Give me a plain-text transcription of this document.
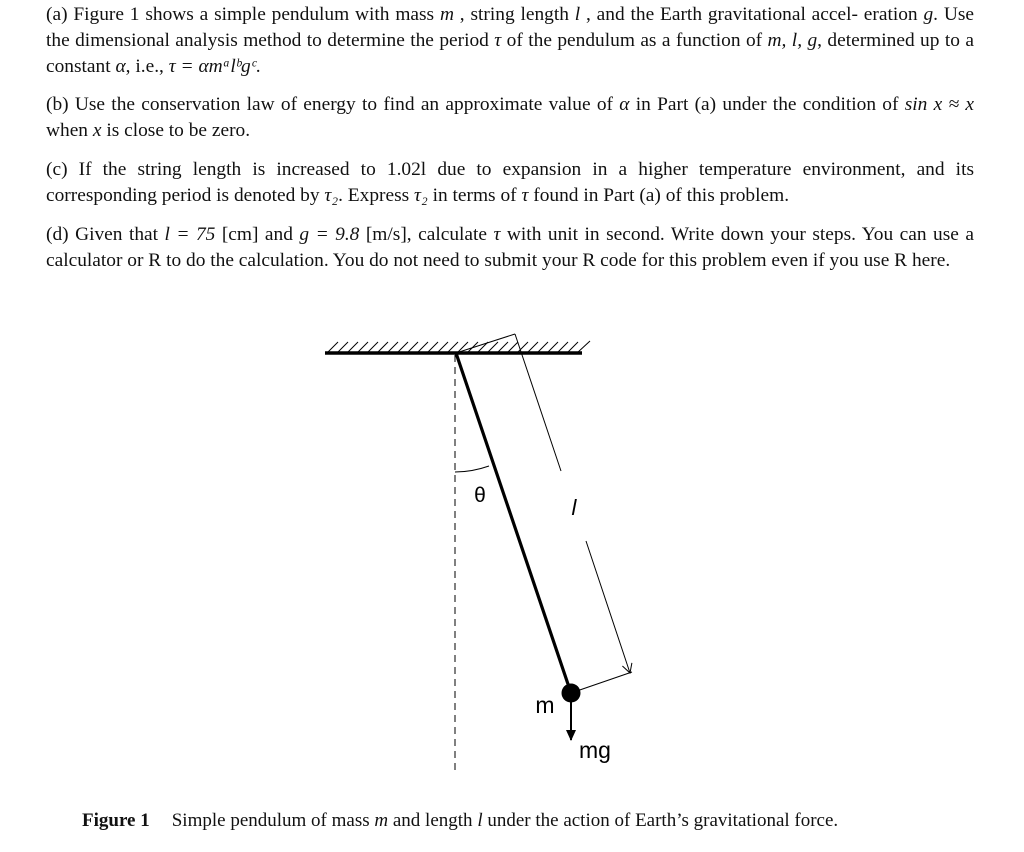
(a) Figure 1 shows a simple pendulum with mass m , string length l , and the Earth gravitational accel- eration g. Use the dimensional analysis method to determine the period τ of the pendulum as a function of m, l, g, determined up to a constant α, i.e., τ = αmᵃlᵇgᶜ.

(b) Use the conservation law of energy to find an approximate value of α in Part (a) under the condition of sin x ≈ x when x is close to be zero.

(c) If the string length is increased to 1.02l due to expansion in a higher temperature environment, and its corresponding period is denoted by τ₂. Express τ₂ in terms of τ found in Part (a) of this problem.

(d) Given that l = 75 [cm] and g = 9.8 [m/s], calculate τ with unit in second. Write down your steps. You can use a calculator or R to do the calculation. You do not need to submit your R code for this problem even if you use R here.

θ	l
m
mg
Figure 1 Simple pendulum of mass m and length l under the action of Earth’s gravitational force.
